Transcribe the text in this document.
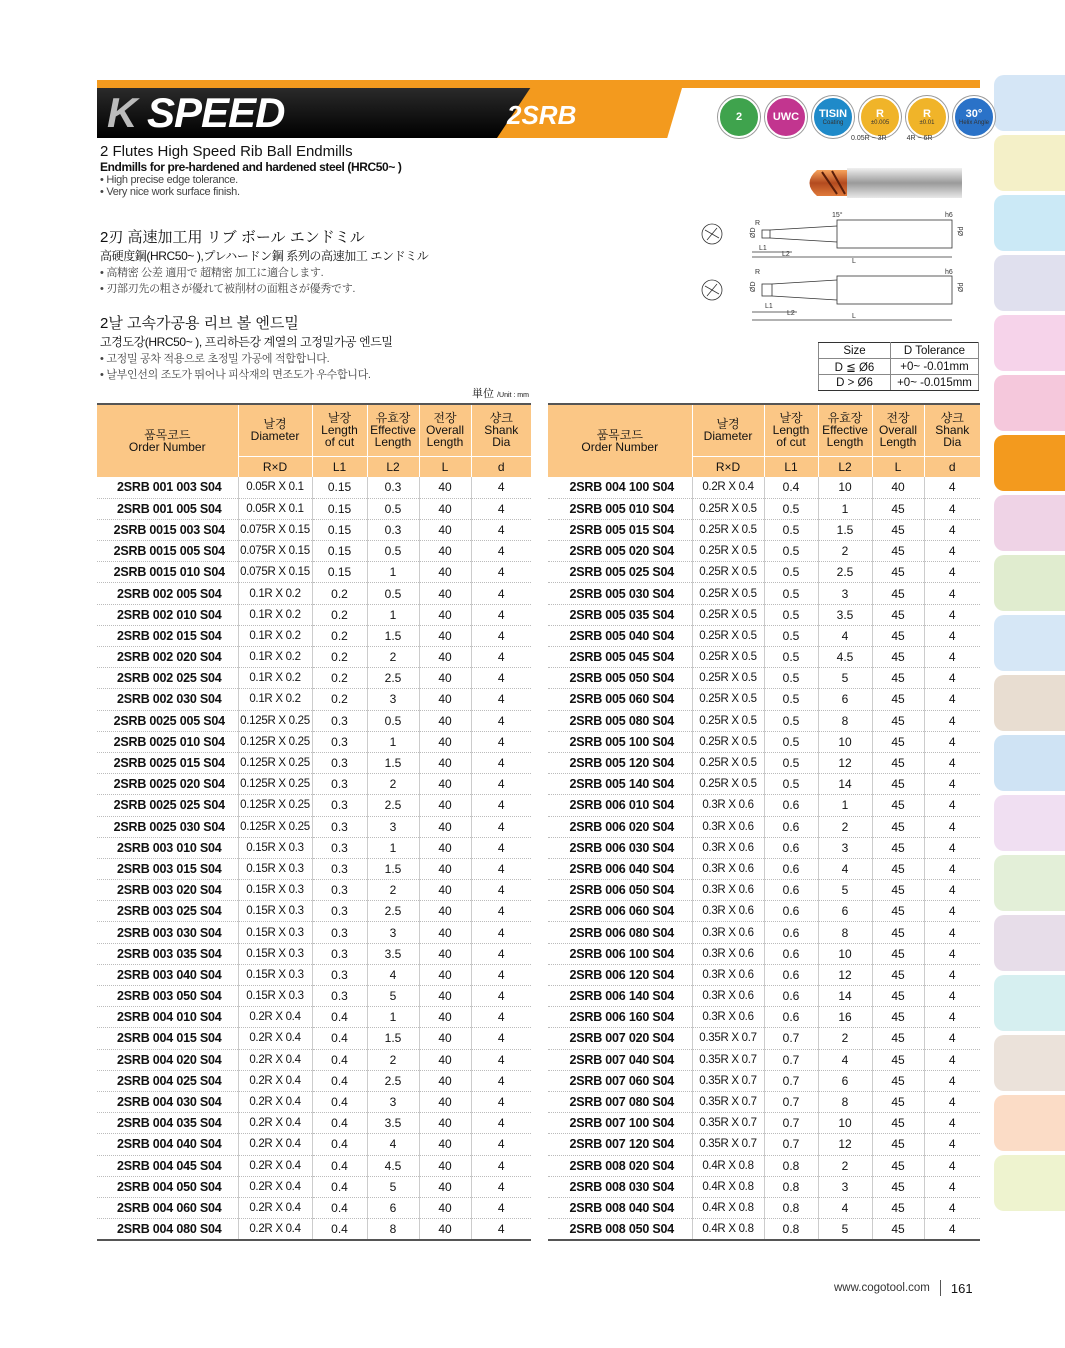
K SPEED	2SRB	2	UWC TISIN
Coating
R
±0.005
R
±0.01
30°
Helix Angle
0.05R ~ 3R	4R ~ 6R
2 Flutes High Speed Rib Ball Endmills
Endmills for pre-hardened and hardened steel (HRC50~ )
• High precise edge tolerance.
• Very nice work surface finish.
2刃 高速加工用 リブ ボール エンドミル
高硬度鋼(HRC50~ ),プレハードン鋼 系列の高速加工 エンドミル
• 高精密 公差 適用で 超精密 加工に適合します.
• 刃部刃先の粗さが優れて被削材の面粗さが優秀です.
2날 고속가공용 리브 볼 엔드밀
고경도강(HRC50~ ), 프리하든강 계열의 고정밀가공 엔드밀
• 고정밀 공차 적용으로 초정밀 가공에 적합합니다.
• 날부인선의 조도가 뛰어나 피삭재의 면조도가 우수합니다.
15°
R
h6
L1
L2
L
ØD	Ød
R	h6
L1
L2	L
ØD	Ød
Size	D Tolerance
D ≦ Ø6	+0~ -0.01mm
D > Ø6	+0~ -0.015mm
単位 /Unit : mm
품목코드
Order Number	날경
Diameter	날장
Length
of cut	유효장
Effective
Length	전장
Overall
Length	샹크
Shank
Dia
	R×D	L1	L2	L	d
2SRB 001 003 S04	0.05R X 0.1	0.15	0.3	40	4
2SRB 001 005 S04	0.05R X 0.1	0.15	0.5	40	4
2SRB 0015 003 S04	0.075R X 0.15	0.15	0.3	40	4
2SRB 0015 005 S04	0.075R X 0.15	0.15	0.5	40	4
2SRB 0015 010 S04	0.075R X 0.15	0.15	1	40	4
2SRB 002 005 S04	0.1R X 0.2	0.2	0.5	40	4
2SRB 002 010 S04	0.1R X 0.2	0.2	1	40	4
2SRB 002 015 S04	0.1R X 0.2	0.2	1.5	40	4
2SRB 002 020 S04	0.1R X 0.2	0.2	2	40	4
2SRB 002 025 S04	0.1R X 0.2	0.2	2.5	40	4
2SRB 002 030 S04	0.1R X 0.2	0.2	3	40	4
2SRB 0025 005 S04	0.125R X 0.25	0.3	0.5	40	4
2SRB 0025 010 S04	0.125R X 0.25	0.3	1	40	4
2SRB 0025 015 S04	0.125R X 0.25	0.3	1.5	40	4
2SRB 0025 020 S04	0.125R X 0.25	0.3	2	40	4
2SRB 0025 025 S04	0.125R X 0.25	0.3	2.5	40	4
2SRB 0025 030 S04	0.125R X 0.25	0.3	3	40	4
2SRB 003 010 S04	0.15R X 0.3	0.3	1	40	4
2SRB 003 015 S04	0.15R X 0.3	0.3	1.5	40	4
2SRB 003 020 S04	0.15R X 0.3	0.3	2	40	4
2SRB 003 025 S04	0.15R X 0.3	0.3	2.5	40	4
2SRB 003 030 S04	0.15R X 0.3	0.3	3	40	4
2SRB 003 035 S04	0.15R X 0.3	0.3	3.5	40	4
2SRB 003 040 S04	0.15R X 0.3	0.3	4	40	4
2SRB 003 050 S04	0.15R X 0.3	0.3	5	40	4
2SRB 004 010 S04	0.2R X 0.4	0.4	1	40	4
2SRB 004 015 S04	0.2R X 0.4	0.4	1.5	40	4
2SRB 004 020 S04	0.2R X 0.4	0.4	2	40	4
2SRB 004 025 S04	0.2R X 0.4	0.4	2.5	40	4
2SRB 004 030 S04	0.2R X 0.4	0.4	3	40	4
2SRB 004 035 S04	0.2R X 0.4	0.4	3.5	40	4
2SRB 004 040 S04	0.2R X 0.4	0.4	4	40	4
2SRB 004 045 S04	0.2R X 0.4	0.4	4.5	40	4
2SRB 004 050 S04	0.2R X 0.4	0.4	5	40	4
2SRB 004 060 S04	0.2R X 0.4	0.4	6	40	4
2SRB 004 080 S04	0.2R X 0.4	0.4	8	40	4
품목코드
Order Number	날경
Diameter	날장
Length
of cut	유효장
Effective
Length	전장
Overall
Length	샹크
Shank
Dia
	R×D	L1	L2	L	d
2SRB 004 100 S04	0.2R X 0.4	0.4	10	40	4
2SRB 005 010 S04	0.25R X 0.5	0.5	1	45	4
2SRB 005 015 S04	0.25R X 0.5	0.5	1.5	45	4
2SRB 005 020 S04	0.25R X 0.5	0.5	2	45	4
2SRB 005 025 S04	0.25R X 0.5	0.5	2.5	45	4
2SRB 005 030 S04	0.25R X 0.5	0.5	3	45	4
2SRB 005 035 S04	0.25R X 0.5	0.5	3.5	45	4
2SRB 005 040 S04	0.25R X 0.5	0.5	4	45	4
2SRB 005 045 S04	0.25R X 0.5	0.5	4.5	45	4
2SRB 005 050 S04	0.25R X 0.5	0.5	5	45	4
2SRB 005 060 S04	0.25R X 0.5	0.5	6	45	4
2SRB 005 080 S04	0.25R X 0.5	0.5	8	45	4
2SRB 005 100 S04	0.25R X 0.5	0.5	10	45	4
2SRB 005 120 S04	0.25R X 0.5	0.5	12	45	4
2SRB 005 140 S04	0.25R X 0.5	0.5	14	45	4
2SRB 006 010 S04	0.3R X 0.6	0.6	1	45	4
2SRB 006 020 S04	0.3R X 0.6	0.6	2	45	4
2SRB 006 030 S04	0.3R X 0.6	0.6	3	45	4
2SRB 006 040 S04	0.3R X 0.6	0.6	4	45	4
2SRB 006 050 S04	0.3R X 0.6	0.6	5	45	4
2SRB 006 060 S04	0.3R X 0.6	0.6	6	45	4
2SRB 006 080 S04	0.3R X 0.6	0.6	8	45	4
2SRB 006 100 S04	0.3R X 0.6	0.6	10	45	4
2SRB 006 120 S04	0.3R X 0.6	0.6	12	45	4
2SRB 006 140 S04	0.3R X 0.6	0.6	14	45	4
2SRB 006 160 S04	0.3R X 0.6	0.6	16	45	4
2SRB 007 020 S04	0.35R X 0.7	0.7	2	45	4
2SRB 007 040 S04	0.35R X 0.7	0.7	4	45	4
2SRB 007 060 S04	0.35R X 0.7	0.7	6	45	4
2SRB 007 080 S04	0.35R X 0.7	0.7	8	45	4
2SRB 007 100 S04	0.35R X 0.7	0.7	10	45	4
2SRB 007 120 S04	0.35R X 0.7	0.7	12	45	4
2SRB 008 020 S04	0.4R X 0.8	0.8	2	45	4
2SRB 008 030 S04	0.4R X 0.8	0.8	3	45	4
2SRB 008 040 S04	0.4R X 0.8	0.8	4	45	4
2SRB 008 050 S04	0.4R X 0.8	0.8	5	45	4
www.cogotool.com 161
